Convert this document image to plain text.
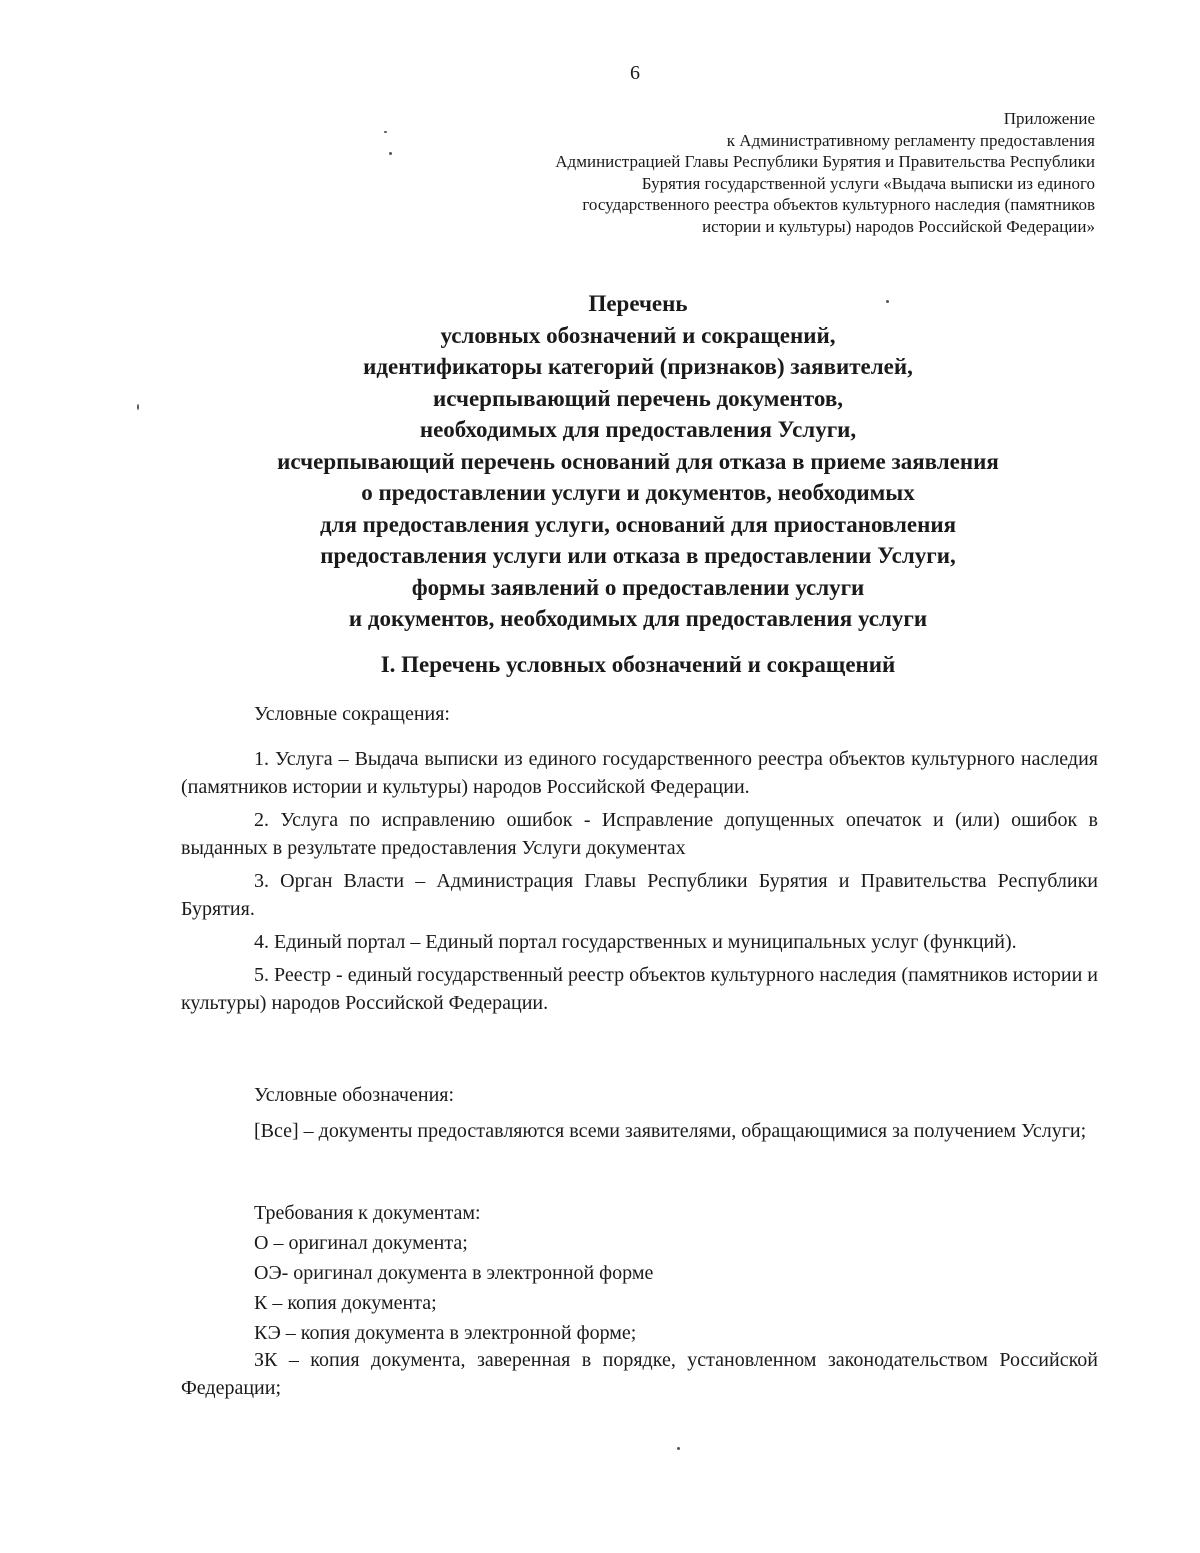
6
Приложение
к Административному регламенту предоставления
Администрацией Главы Республики Бурятия и Правительства Республики
Бурятия государственной услуги «Выдача выписки из единого
государственного реестра объектов культурного наследия (памятников
истории и культуры) народов Российской Федерации»
Перечень
условных обозначений и сокращений,
идентификаторы категорий (признаков) заявителей,
исчерпывающий перечень документов,
необходимых для предоставления Услуги,
исчерпывающий перечень оснований для отказа в приеме заявления
о предоставлении услуги и документов, необходимых
для предоставления услуги, оснований для приостановления
предоставления услуги или отказа в предоставлении Услуги,
формы заявлений о предоставлении услуги
и документов, необходимых для предоставления услуги
I. Перечень условных обозначений и сокращений

Условные сокращения:

1. Услуга – Выдача выписки из единого государственного реестра объектов культурного наследия (памятников истории и культуры) народов Российской Федерации.

2. Услуга по исправлению ошибок - Исправление допущенных опечаток и (или) ошибок в выданных в результате предоставления Услуги документах

3. Орган Власти – Администрация Главы Республики Бурятия и Правительства Республики Бурятия.

4. Единый портал – Единый портал государственных и муниципальных услуг (функций).

5. Реестр - единый государственный реестр объектов культурного наследия (памятников истории и культуры) народов Российской Федерации.

Условные обозначения:

[Все] – документы предоставляются всеми заявителями, обращающимися за получением Услуги;

Требования к документам:

О – оригинал документа;

ОЭ- оригинал документа в электронной форме

К – копия документа;

КЭ – копия документа в электронной форме;

ЗК – копия документа, заверенная в порядке, установленном законодательством Российской Федерации;
